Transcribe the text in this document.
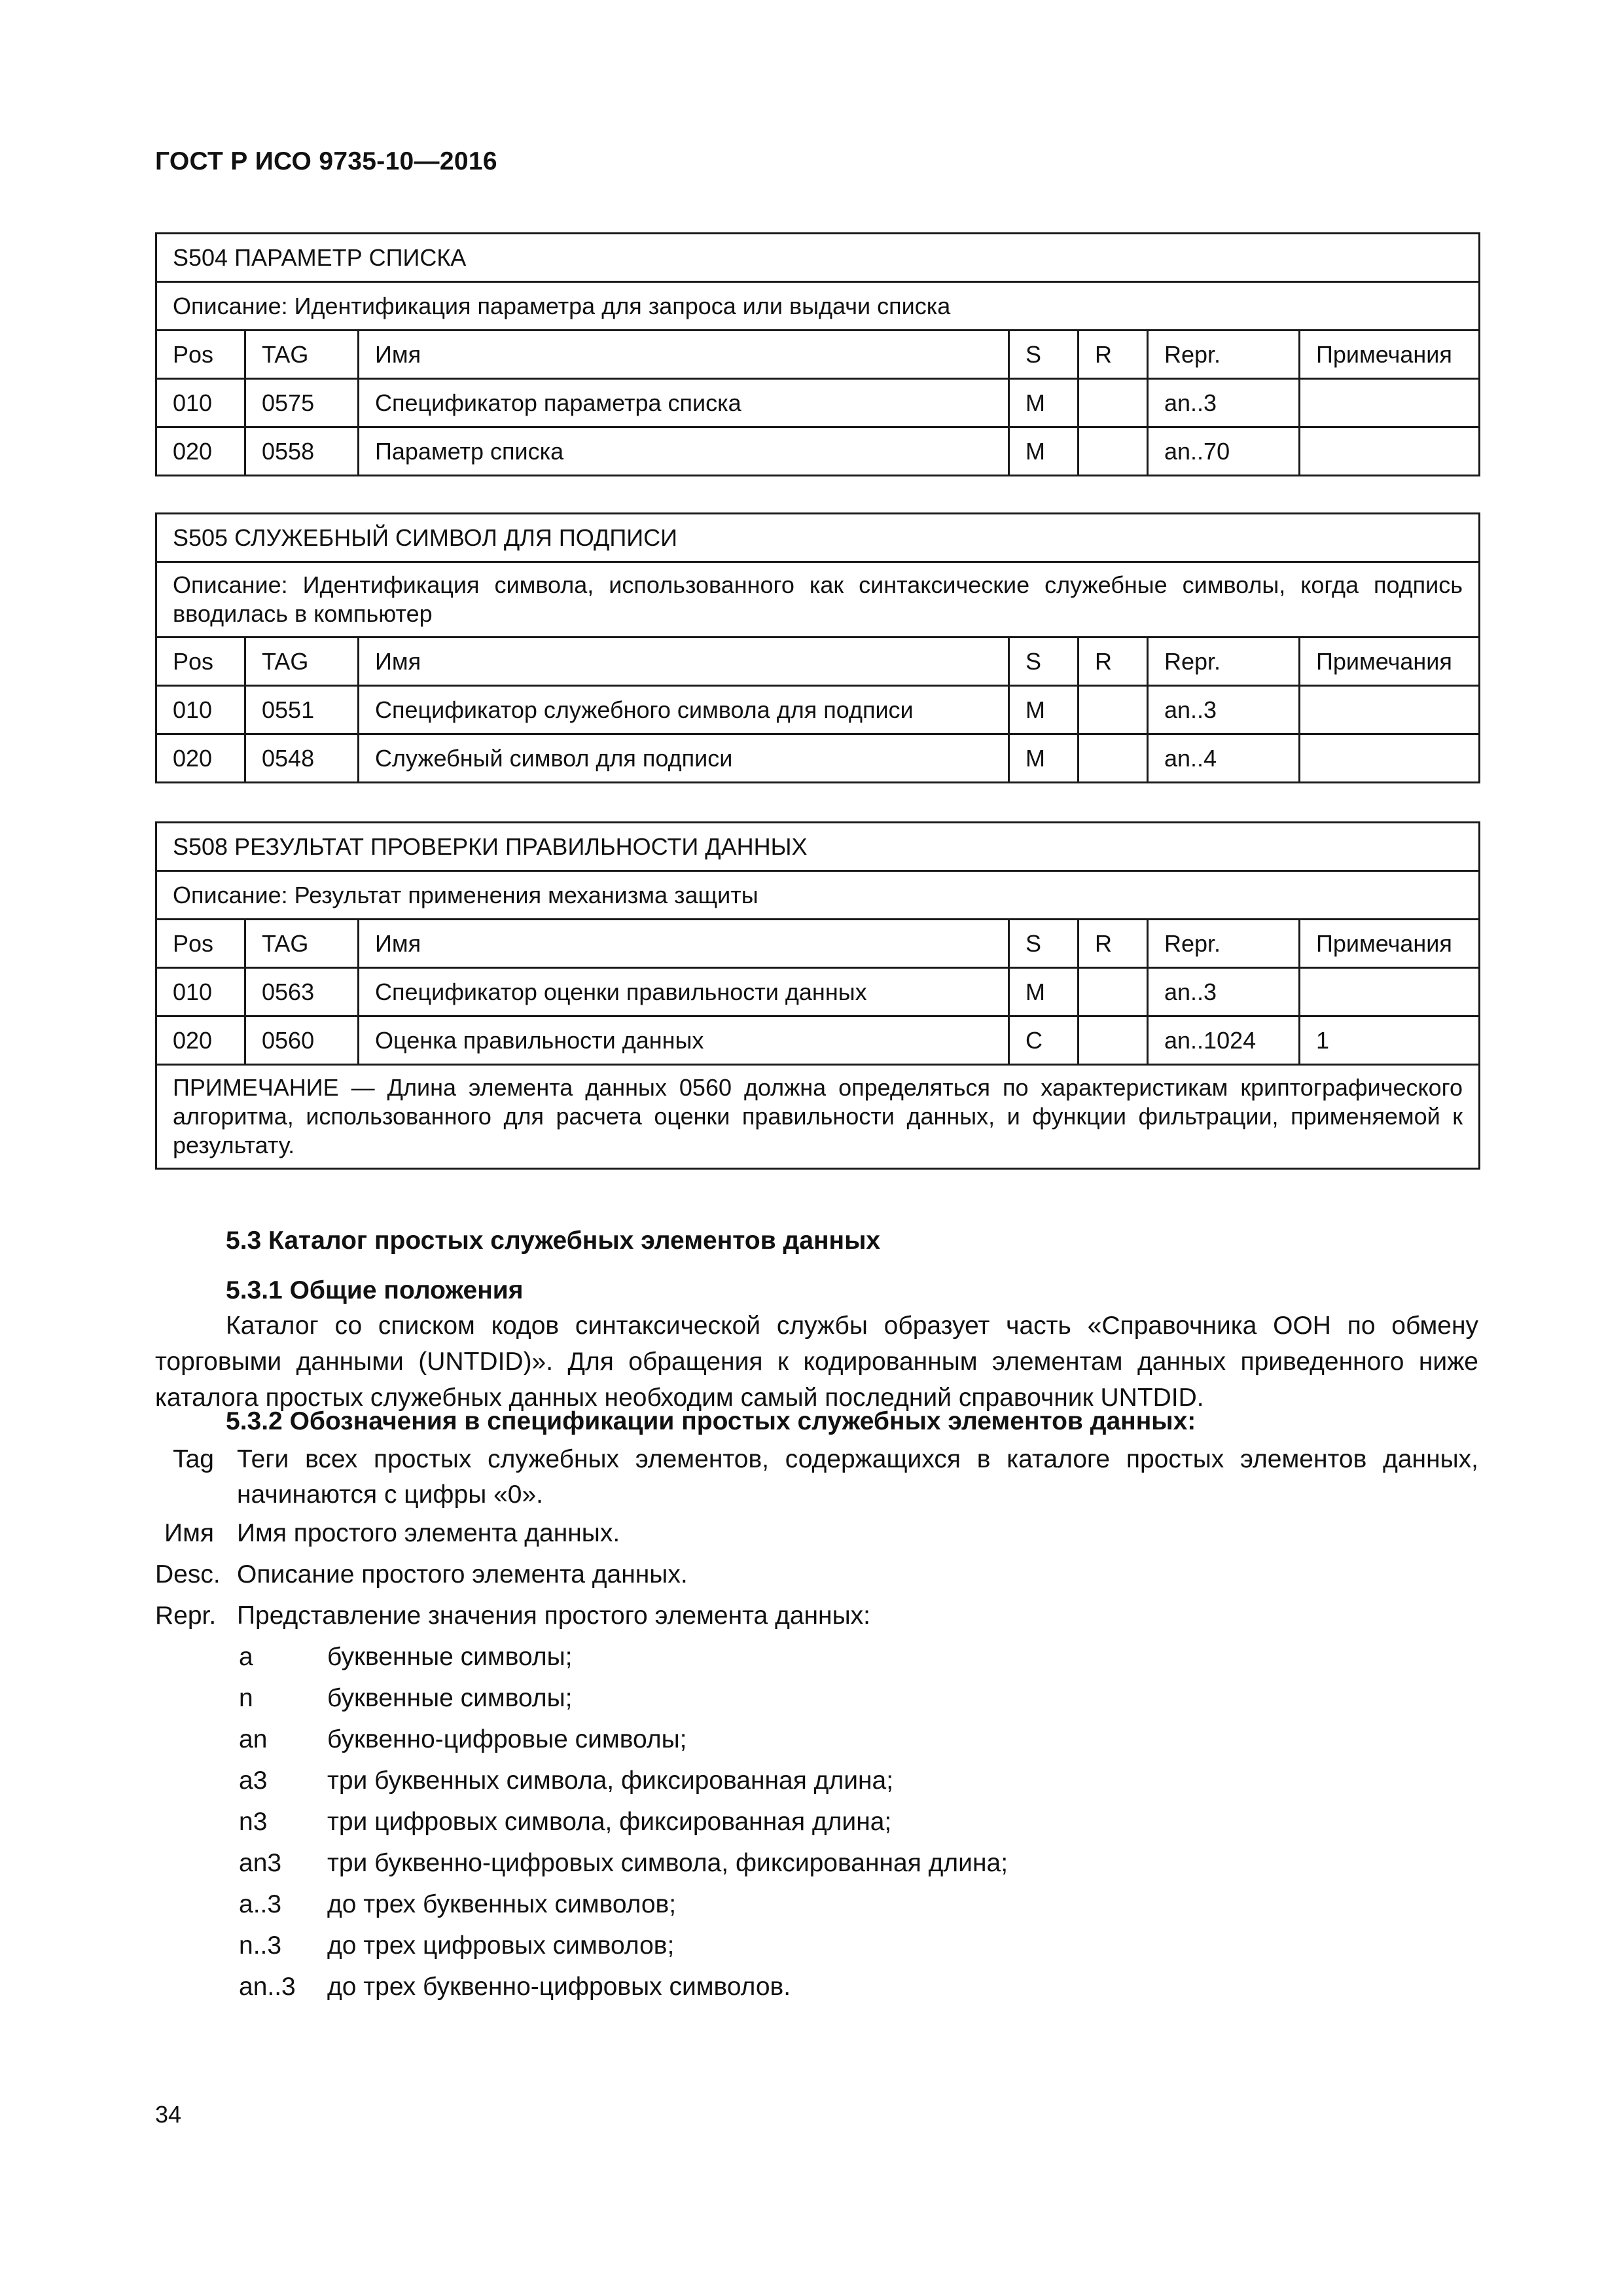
ГОСТ Р ИСО 9735-10—2016
S504 ПАРАМЕТР СПИСКА						
Описание: Идентификация параметра для запроса или выдачи списка						
Pos	TAG	Имя	S	R	Repr.	Примечания
010	0575	Спецификатор параметра списка	M		an..3	
020	0558	Параметр списка	M		an..70	
S505 СЛУЖЕБНЫЙ СИМВОЛ ДЛЯ ПОДПИСИ						
Описание: Идентификация символа, использованного как синтаксические служебные символы, когда подпись вводилась в компьютер						
Pos	TAG	Имя	S	R	Repr.	Примечания
010	0551	Спецификатор служебного символа для подписи	M		an..3	
020	0548	Служебный символ для подписи	M		an..4	
S508 РЕЗУЛЬТАТ ПРОВЕРКИ ПРАВИЛЬНОСТИ ДАННЫХ						
Описание: Результат применения механизма защиты						
Pos	TAG	Имя	S	R	Repr.	Примечания
010	0563	Спецификатор оценки правильности данных	M		an..3	
020	0560	Оценка правильности данных	C		an..1024	1
ПРИМЕЧАНИЕ — Длина элемента данных 0560 должна определяться по характеристикам криптографического алгоритма, использованного для расчета оценки правильности данных, и функции фильтрации, применяемой к результату.						
5.3 Каталог простых служебных элементов данных
5.3.1 Общие положения
Каталог со списком кодов синтаксической службы образует часть «Справочника ООН по обмену торговыми данными (UNTDID)». Для обращения к кодированным элементам данных приведенного ниже каталога простых служебных данных необходим самый последний справочник UNTDID.
5.3.2 Обозначения в спецификации простых служебных элементов данных:
Tag Теги всех простых служебных элементов, содержащихся в каталоге простых элементов данных, начинаются с цифры «0».
Имя Имя простого элемента данных.
Desc. Описание простого элемента данных.
Repr. Представление значения простого элемента данных:
a	буквенные символы;
n	буквенные символы;
an	буквенно-цифровые символы;
a3	три буквенных символа, фиксированная длина;
n3	три цифровых символа, фиксированная длина;
an3	три буквенно-цифровых символа, фиксированная длина;
a..3	до трех буквенных символов;
n..3	до трех цифровых символов;
an..3	до трех буквенно-цифровых символов.
34
